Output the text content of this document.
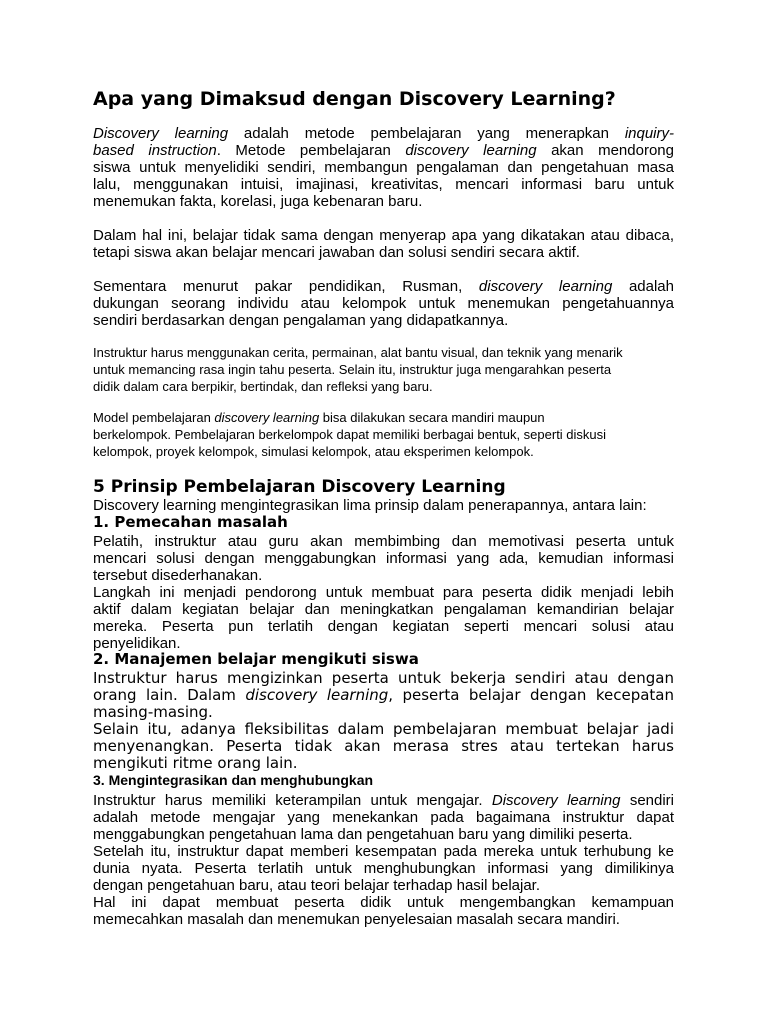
Apa yang Dimaksud dengan Discovery Learning?
Discovery learning adalah metode pembelajaran yang menerapkan inquiry-
based instruction. Metode pembelajaran discovery learning akan mendorong
siswa untuk menyelidiki sendiri, membangun pengalaman dan pengetahuan masa
lalu, menggunakan intuisi, imajinasi, kreativitas, mencari informasi baru untuk
menemukan fakta, korelasi, juga kebenaran baru.
Dalam hal ini, belajar tidak sama dengan menyerap apa yang dikatakan atau dibaca,
tetapi siswa akan belajar mencari jawaban dan solusi sendiri secara aktif.
Sementara menurut pakar pendidikan, Rusman, discovery learning adalah
dukungan seorang individu atau kelompok untuk menemukan pengetahuannya
sendiri berdasarkan dengan pengalaman yang didapatkannya.
Instruktur harus menggunakan cerita, permainan, alat bantu visual, dan teknik yang menarik
untuk memancing rasa ingin tahu peserta. Selain itu, instruktur juga mengarahkan peserta
didik dalam cara berpikir, bertindak, dan refleksi yang baru.
Model pembelajaran discovery learning bisa dilakukan secara mandiri maupun
berkelompok. Pembelajaran berkelompok dapat memiliki berbagai bentuk, seperti diskusi
kelompok, proyek kelompok, simulasi kelompok, atau eksperimen kelompok.
5 Prinsip Pembelajaran Discovery Learning
Discovery learning mengintegrasikan lima prinsip dalam penerapannya, antara lain:
1. Pemecahan masalah
Pelatih, instruktur atau guru akan membimbing dan memotivasi peserta untuk
mencari solusi dengan menggabungkan informasi yang ada, kemudian informasi
tersebut disederhanakan.
Langkah ini menjadi pendorong untuk membuat para peserta didik menjadi lebih
aktif dalam kegiatan belajar dan meningkatkan pengalaman kemandirian belajar
mereka. Peserta pun terlatih dengan kegiatan seperti mencari solusi atau
penyelidikan.
2. Manajemen belajar mengikuti siswa
Instruktur harus mengizinkan peserta untuk bekerja sendiri atau dengan
orang lain. Dalam discovery learning, peserta belajar dengan kecepatan
masing-masing.
Selain itu, adanya fleksibilitas dalam pembelajaran membuat belajar jadi
menyenangkan. Peserta tidak akan merasa stres atau tertekan harus
mengikuti ritme orang lain.
3. Mengintegrasikan dan menghubungkan
Instruktur harus memiliki keterampilan untuk mengajar. Discovery learning sendiri
adalah metode mengajar yang menekankan pada bagaimana instruktur dapat
menggabungkan pengetahuan lama dan pengetahuan baru yang dimiliki peserta.
Setelah itu, instruktur dapat memberi kesempatan pada mereka untuk terhubung ke
dunia nyata. Peserta terlatih untuk menghubungkan informasi yang dimilikinya
dengan pengetahuan baru, atau teori belajar terhadap hasil belajar.
Hal ini dapat membuat peserta didik untuk mengembangkan kemampuan
memecahkan masalah dan menemukan penyelesaian masalah secara mandiri.
